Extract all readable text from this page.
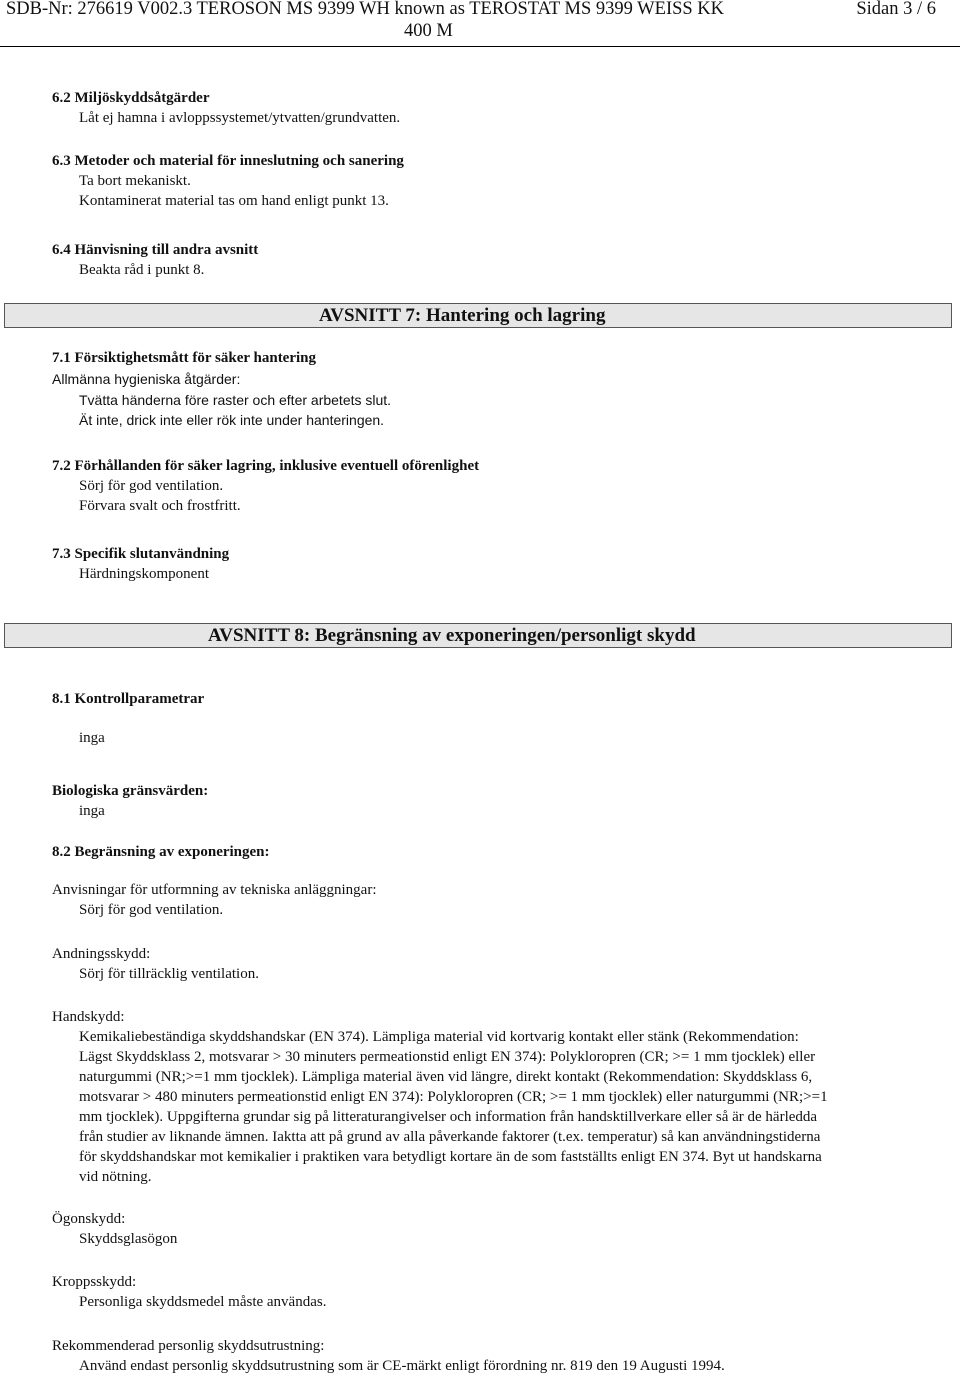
SDB-Nr: 276619 V002.3 TEROSON MS 9399 WH known as TEROSTAT MS 9399 WEISS KK
400 M
Sidan 3 / 6
6.2 Miljöskyddsåtgärder
Låt ej hamna i avloppssystemet/ytvatten/grundvatten.
6.3 Metoder och material för inneslutning och sanering
Ta bort mekaniskt.
Kontaminerat material tas om hand enligt punkt 13.
6.4 Hänvisning till andra avsnitt
Beakta råd i punkt 8.
AVSNITT 7: Hantering och lagring
7.1 Försiktighetsmått för säker hantering
Allmänna hygieniska åtgärder:
Tvätta händerna före raster och efter arbetets slut.
Ät inte, drick inte eller rök inte under hanteringen.
7.2 Förhållanden för säker lagring, inklusive eventuell oförenlighet
Sörj för god ventilation.
Förvara svalt och frostfritt.
7.3 Specifik slutanvändning
Härdningskomponent
AVSNITT 8: Begränsning av exponeringen/personligt skydd
8.1 Kontrollparametrar
inga
Biologiska gränsvärden:
inga
8.2 Begränsning av exponeringen:
Anvisningar för utformning av tekniska anläggningar:
Sörj för god ventilation.
Andningsskydd:
Sörj för tillräcklig ventilation.
Handskydd:
Kemikaliebeständiga skyddshandskar (EN 374). Lämpliga material vid kortvarig kontakt eller stänk (Rekommendation:
Lägst Skyddsklass 2, motsvarar > 30 minuters permeationstid enligt EN 374): Polykloropren (CR; >= 1 mm tjocklek) eller
naturgummi (NR;>=1 mm tjocklek). Lämpliga material även vid längre, direkt kontakt (Rekommendation: Skyddsklass 6,
motsvarar > 480 minuters permeationstid enligt EN 374): Polykloropren (CR; >= 1 mm tjocklek) eller naturgummi (NR;>=1
mm tjocklek). Uppgifterna grundar sig på litteraturangivelser och information från handsktillverkare eller så är de härledda
från studier av liknande ämnen. Iaktta att på grund av alla påverkande faktorer (t.ex. temperatur) så kan användningstiderna
för skyddshandskar mot kemikalier i praktiken vara betydligt kortare än de som fastställts enligt EN 374. Byt ut handskarna
vid nötning.
Ögonskydd:
Skyddsglasögon
Kroppsskydd:
Personliga skyddsmedel måste användas.
Rekommenderad personlig skyddsutrustning:
Använd endast personlig skyddsutrustning som är CE-märkt enligt förordning nr. 819 den 19 Augusti 1994.
